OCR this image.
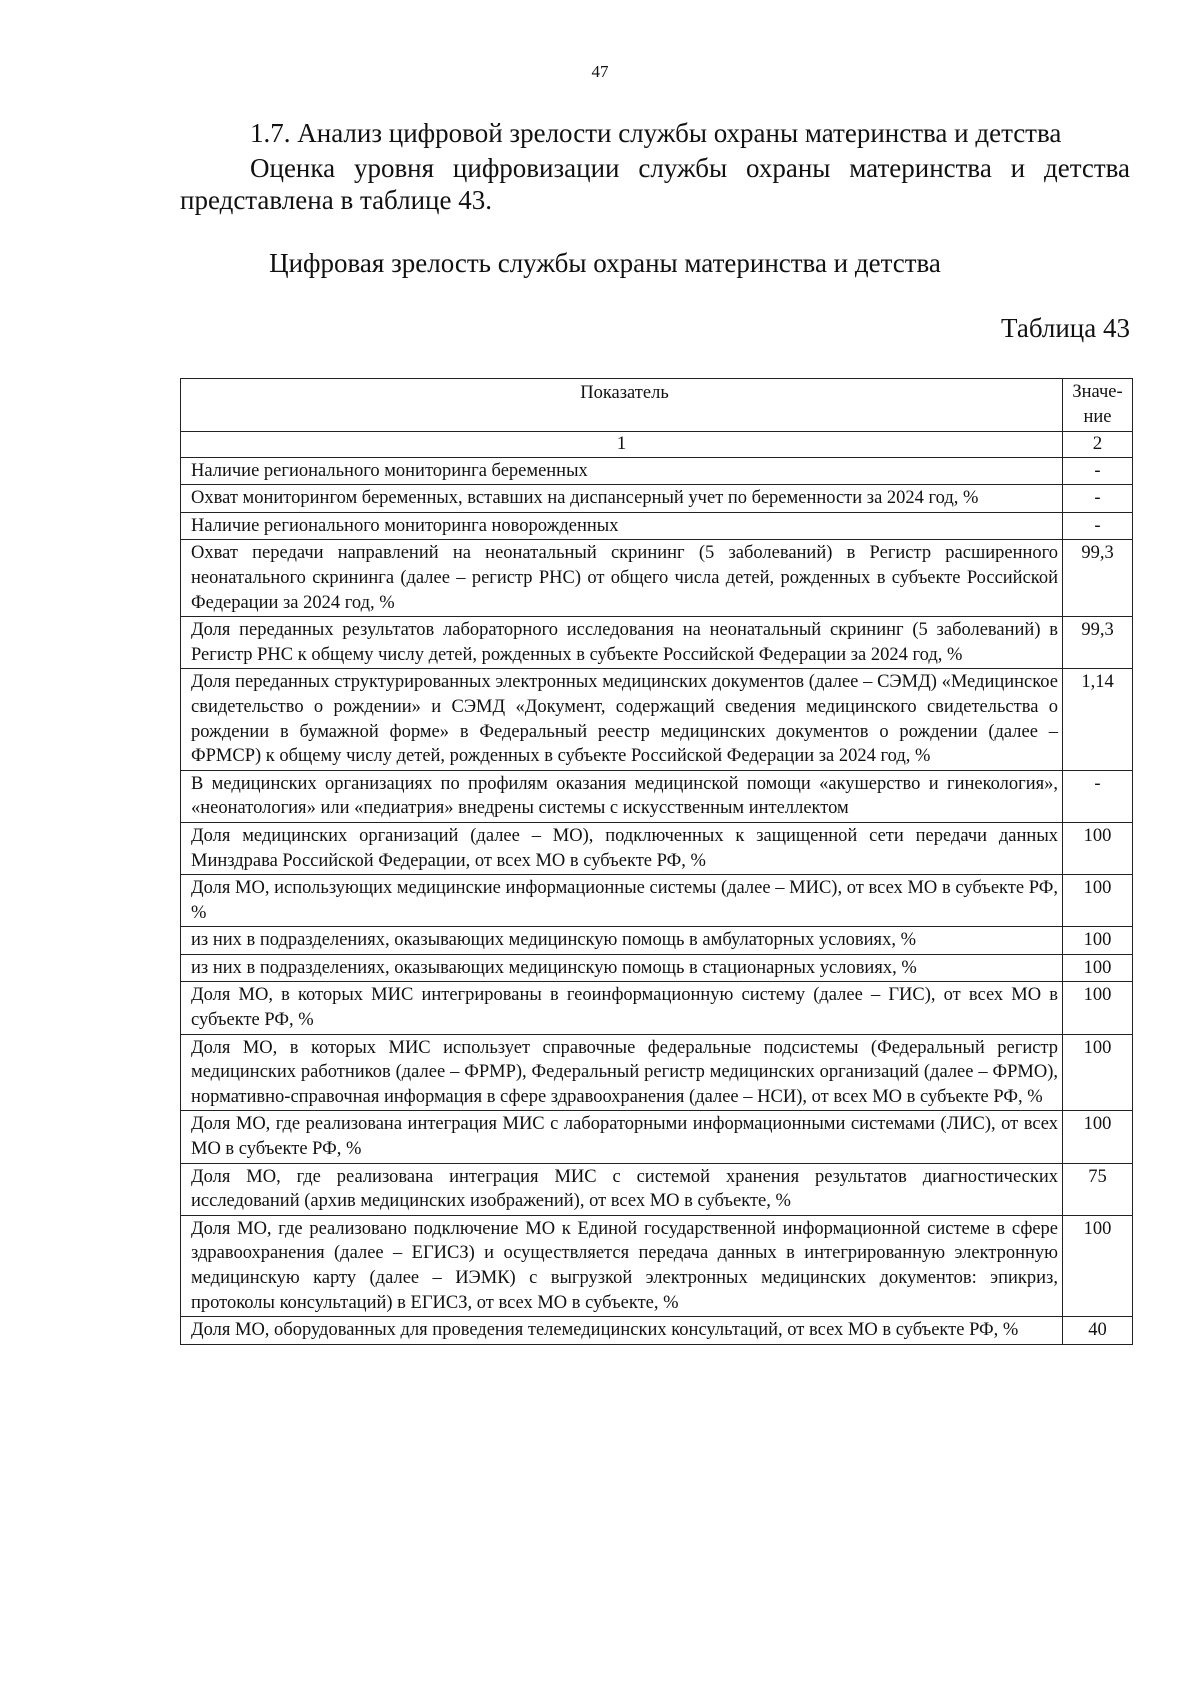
47
1.7. Анализ цифровой зрелости службы охраны материнства и детства
Оценка уровня цифровизации службы охраны материнства и детства представлена в таблице 43.
Цифровая зрелость службы охраны материнства и детства
Таблица 43
Показатель	Значе-ние
1	2
Наличие регионального мониторинга беременных	-
Охват мониторингом беременных, вставших на диспансерный учет по беременности за 2024 год, %	-
Наличие регионального мониторинга новорожденных	-
Охват передачи направлений на неонатальный скрининг (5 заболеваний) в Регистр расширенного неонатального скрининга (далее – регистр РНС) от общего числа детей, рожденных в субъекте Российской Федерации за 2024 год, %	99,3
Доля переданных результатов лабораторного исследования на неонатальный скрининг (5 заболеваний) в Регистр РНС к общему числу детей, рожденных в субъекте Российской Федерации за 2024 год, %	99,3
Доля переданных структурированных электронных медицинских документов (далее – СЭМД) «Медицинское свидетельство о рождении» и СЭМД «Документ, содержащий сведения медицинского свидетельства о рождении в бумажной форме» в Федеральный реестр медицинских документов о рождении (далее – ФРМСР) к общему числу детей, рожденных в субъекте Российской Федерации за 2024 год, %	1,14
В медицинских организациях по профилям оказания медицинской помощи «акушерство и гинекология», «неонатология» или «педиатрия» внедрены системы с искусственным интеллектом	-
Доля медицинских организаций (далее – МО), подключенных к защищенной сети передачи данных Минздрава Российской Федерации, от всех МО в субъекте РФ, %	100
Доля МО, использующих медицинские информационные системы (далее – МИС), от всех МО в субъекте РФ, %	100
из них в подразделениях, оказывающих медицинскую помощь в амбулаторных условиях, %	100
из них в подразделениях, оказывающих медицинскую помощь в стационарных условиях, %	100
Доля МО, в которых МИС интегрированы в геоинформационную систему (далее – ГИС), от всех МО в субъекте РФ, %	100
Доля МО, в которых МИС использует справочные федеральные подсистемы (Федеральный регистр медицинских работников (далее – ФРМР), Федеральный регистр медицинских организаций (далее – ФРМО), нормативно-справочная информация в сфере здравоохранения (далее – НСИ), от всех МО в субъекте РФ, %	100
Доля МО, где реализована интеграция МИС с лабораторными информационными системами (ЛИС), от всех МО в субъекте РФ, %	100
Доля МО, где реализована интеграция МИС с системой хранения результатов диагностических исследований (архив медицинских изображений), от всех МО в субъекте, %	75
Доля МО, где реализовано подключение МО к Единой государственной информационной системе в сфере здравоохранения (далее – ЕГИСЗ) и осуществляется передача данных в интегрированную электронную медицинскую карту (далее – ИЭМК) с выгрузкой электронных медицинских документов: эпикриз, протоколы консультаций) в ЕГИСЗ, от всех МО в субъекте, %	100
Доля МО, оборудованных для проведения телемедицинских консультаций, от всех МО в субъекте РФ, %	40
